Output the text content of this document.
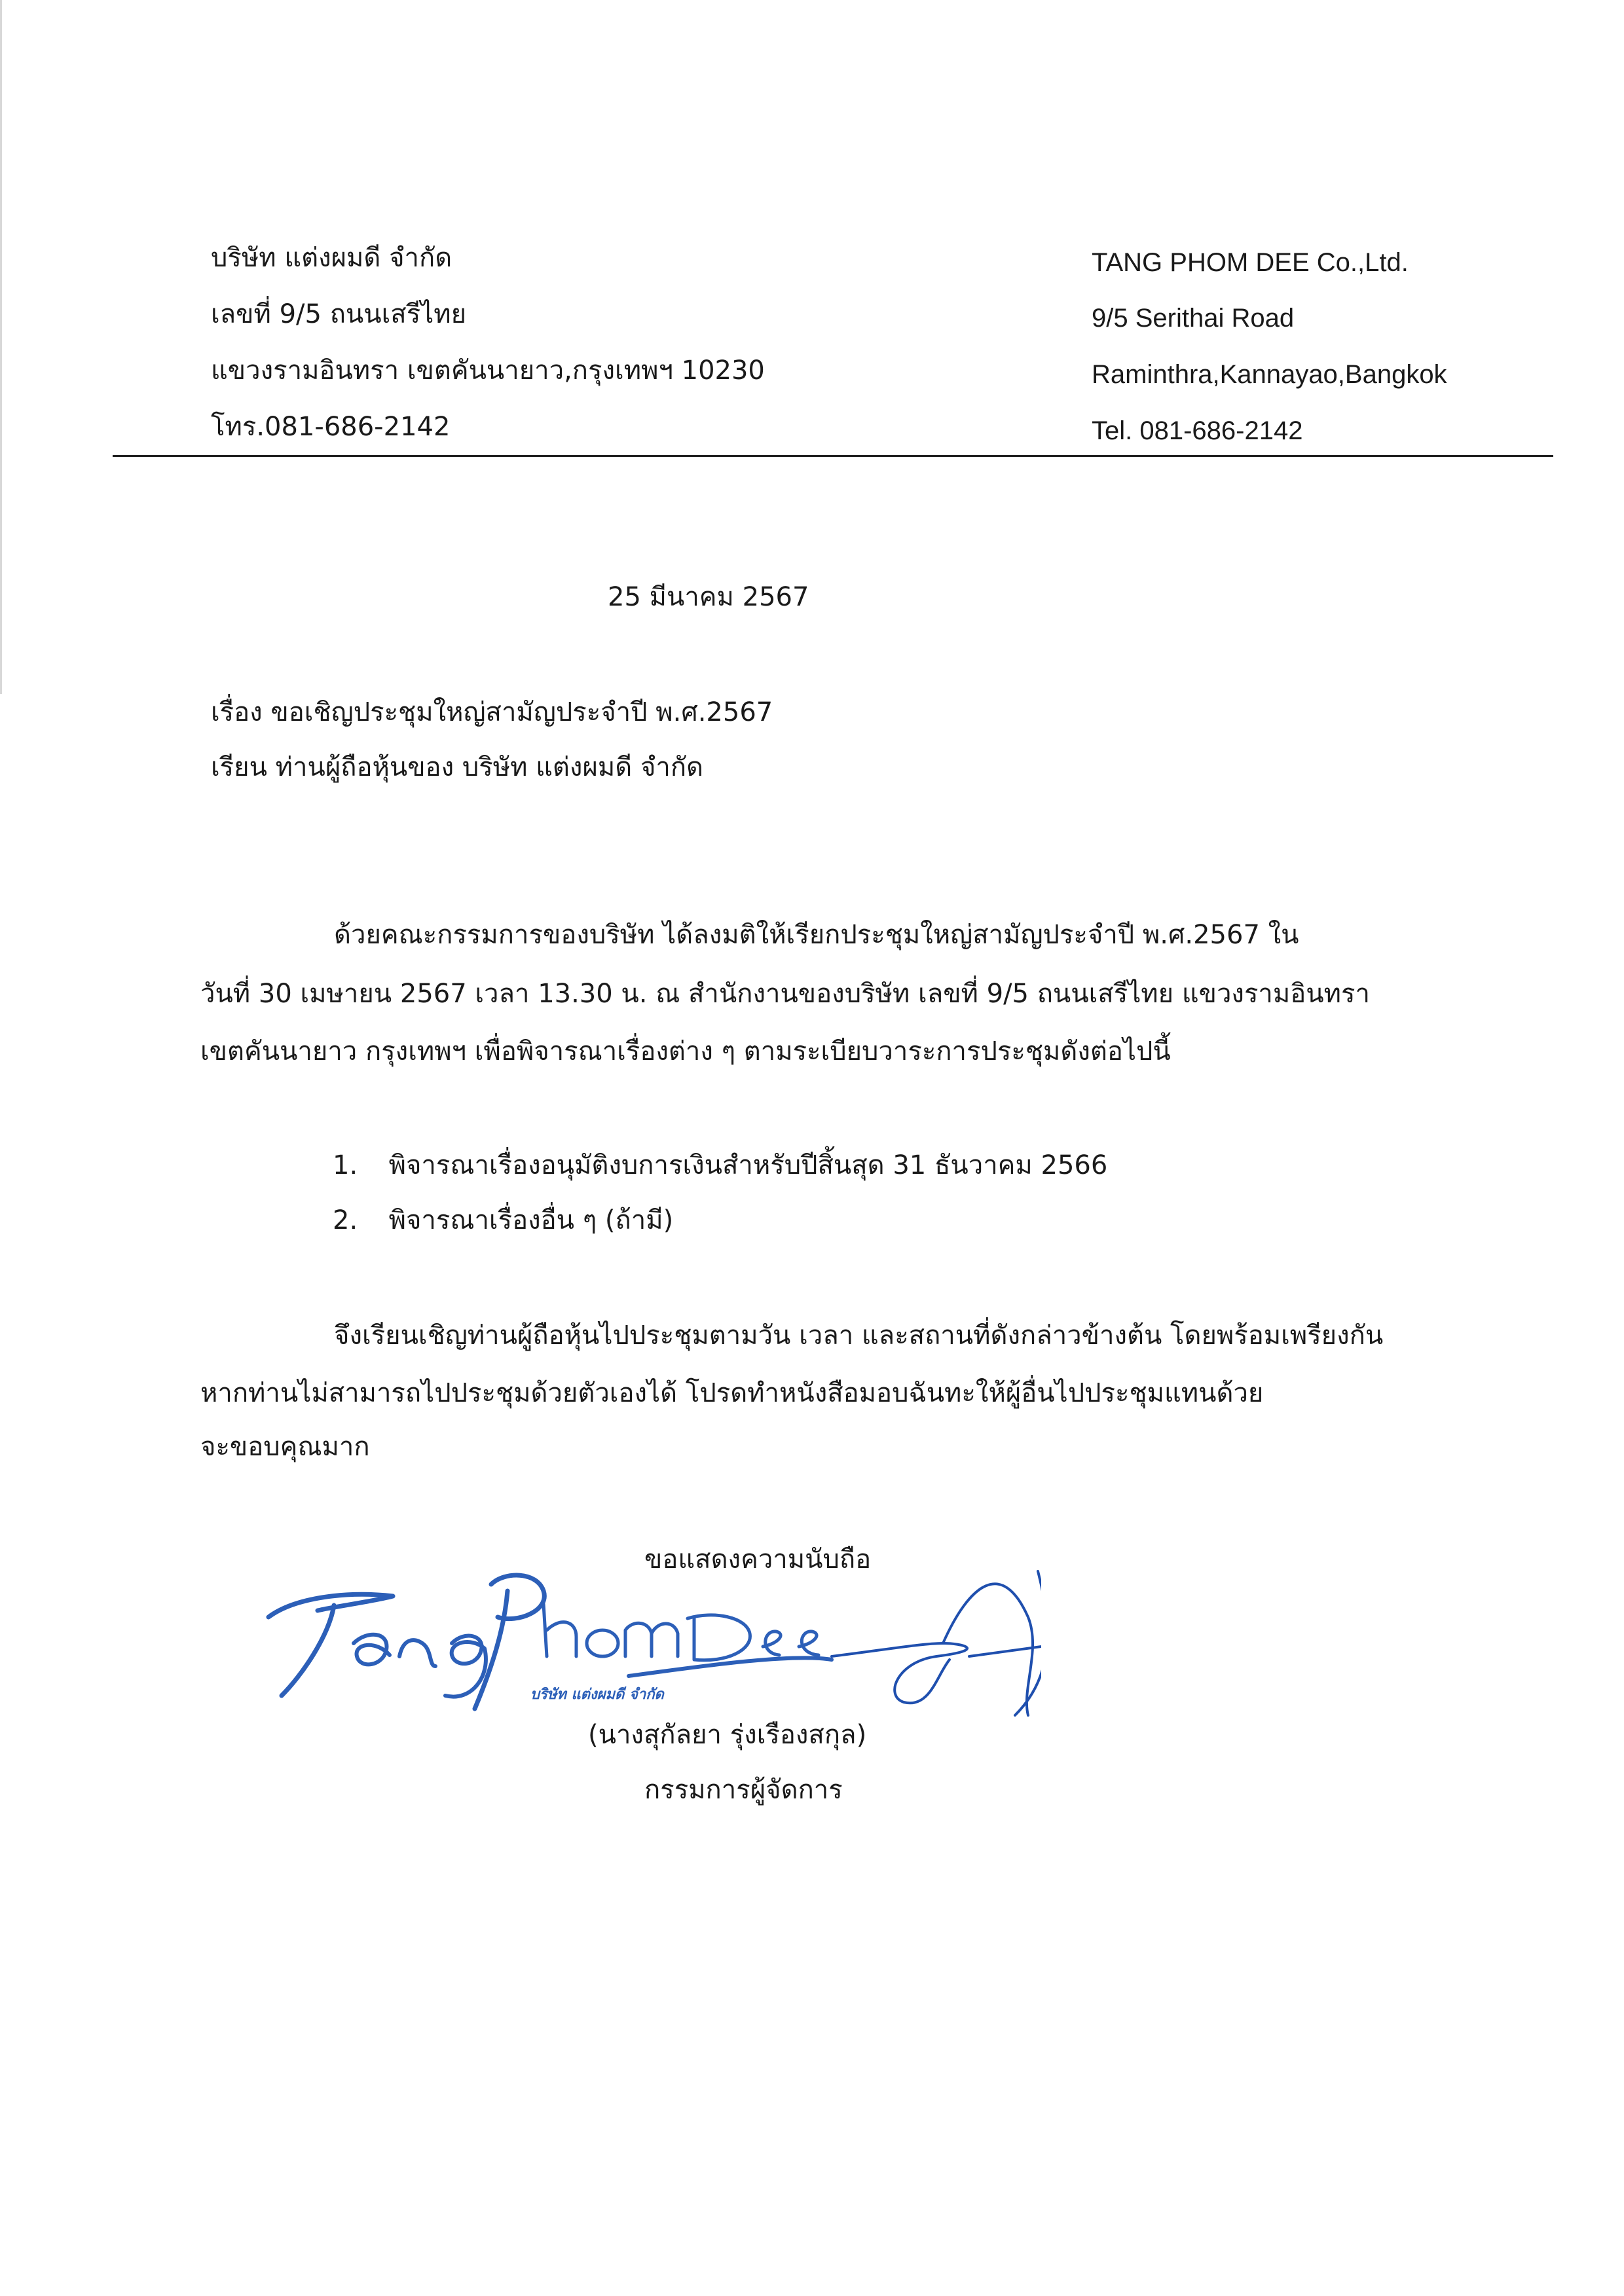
บริษัท แต่งผมดี จำกัด
เลขที่ 9/5 ถนนเสรีไทย
แขวงรามอินทรา เขตคันนายาว,กรุงเทพฯ 10230
โทร.081-686-2142
TANG PHOM DEE Co.,Ltd.
9/5 Serithai Road
Raminthra,Kannayao,Bangkok
Tel. 081-686-2142
25 มีนาคม 2567
เรื่อง ขอเชิญประชุมใหญ่สามัญประจำปี พ.ศ.2567
เรียน ท่านผู้ถือหุ้นของ บริษัท แต่งผมดี จำกัด
ด้วยคณะกรรมการของบริษัท ได้ลงมติให้เรียกประชุมใหญ่สามัญประจำปี พ.ศ.2567 ใน
วันที่ 30 เมษายน 2567 เวลา 13.30 น. ณ สำนักงานของบริษัท เลขที่ 9/5 ถนนเสรีไทย แขวงรามอินทรา
เขตคันนายาว กรุงเทพฯ เพื่อพิจารณาเรื่องต่าง ๆ ตามระเบียบวาระการประชุมดังต่อไปนี้
1. พิจารณาเรื่องอนุมัติงบการเงินสำหรับปีสิ้นสุด 31 ธันวาคม 2566
2. พิจารณาเรื่องอื่น ๆ (ถ้ามี)
จึงเรียนเชิญท่านผู้ถือหุ้นไปประชุมตามวัน เวลา และสถานที่ดังกล่าวข้างต้น โดยพร้อมเพรียงกัน
หากท่านไม่สามารถไปประชุมด้วยตัวเองได้ โปรดทำหนังสือมอบฉันทะให้ผู้อื่นไปประชุมแทนด้วย
จะขอบคุณมาก
ขอแสดงความนับถือ
บริษัท แต่งผมดี จำกัด
(นางสุกัลยา รุ่งเรืองสกุล)
กรรมการผู้จัดการ
